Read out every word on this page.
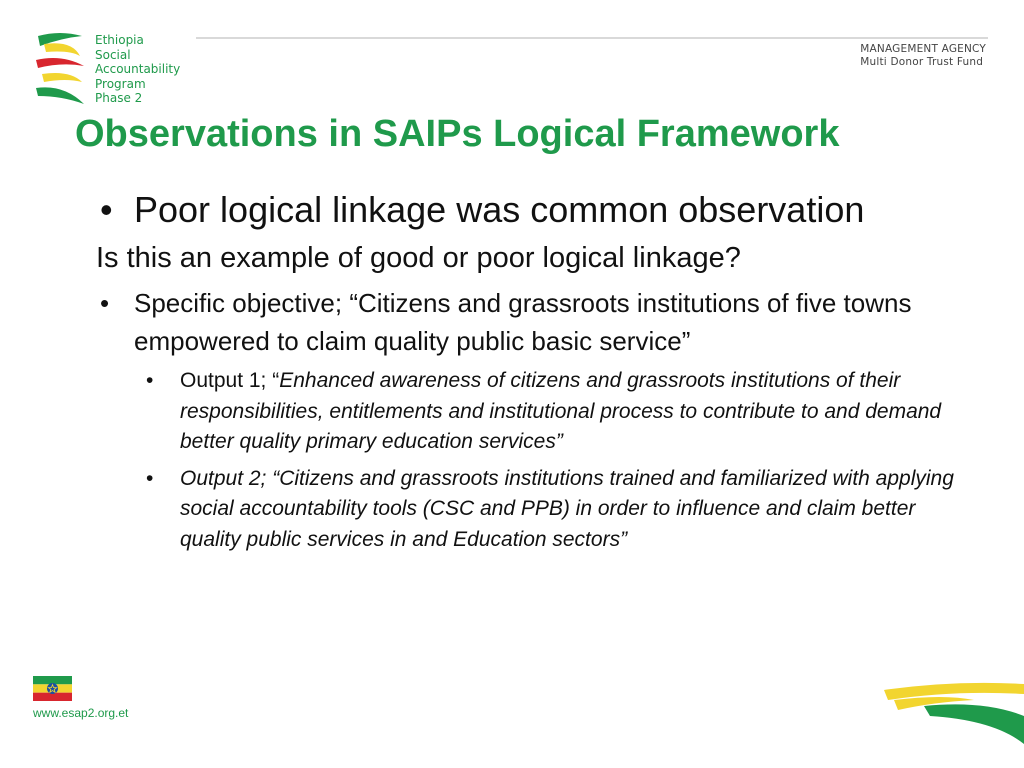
Ethiopia
Social
Accountability
Program
Phase 2
MANAGEMENT AGENCY
Multi Donor Trust Fund
Observations in SAIPs Logical Framework
• Poor logical linkage was common observation
Is this an example of good or poor logical linkage?
• Specific objective; “Citizens and grassroots institutions of five towns empowered to claim quality public basic service”
• Output 1; “Enhanced awareness of citizens and grassroots institutions of their responsibilities, entitlements and institutional process to contribute to and demand better quality primary education services”
• Output 2; “Citizens and grassroots institutions trained and familiarized with applying social accountability tools (CSC and PPB) in order to influence and claim better quality public services in and Education sectors”
www.esap2.org.et
